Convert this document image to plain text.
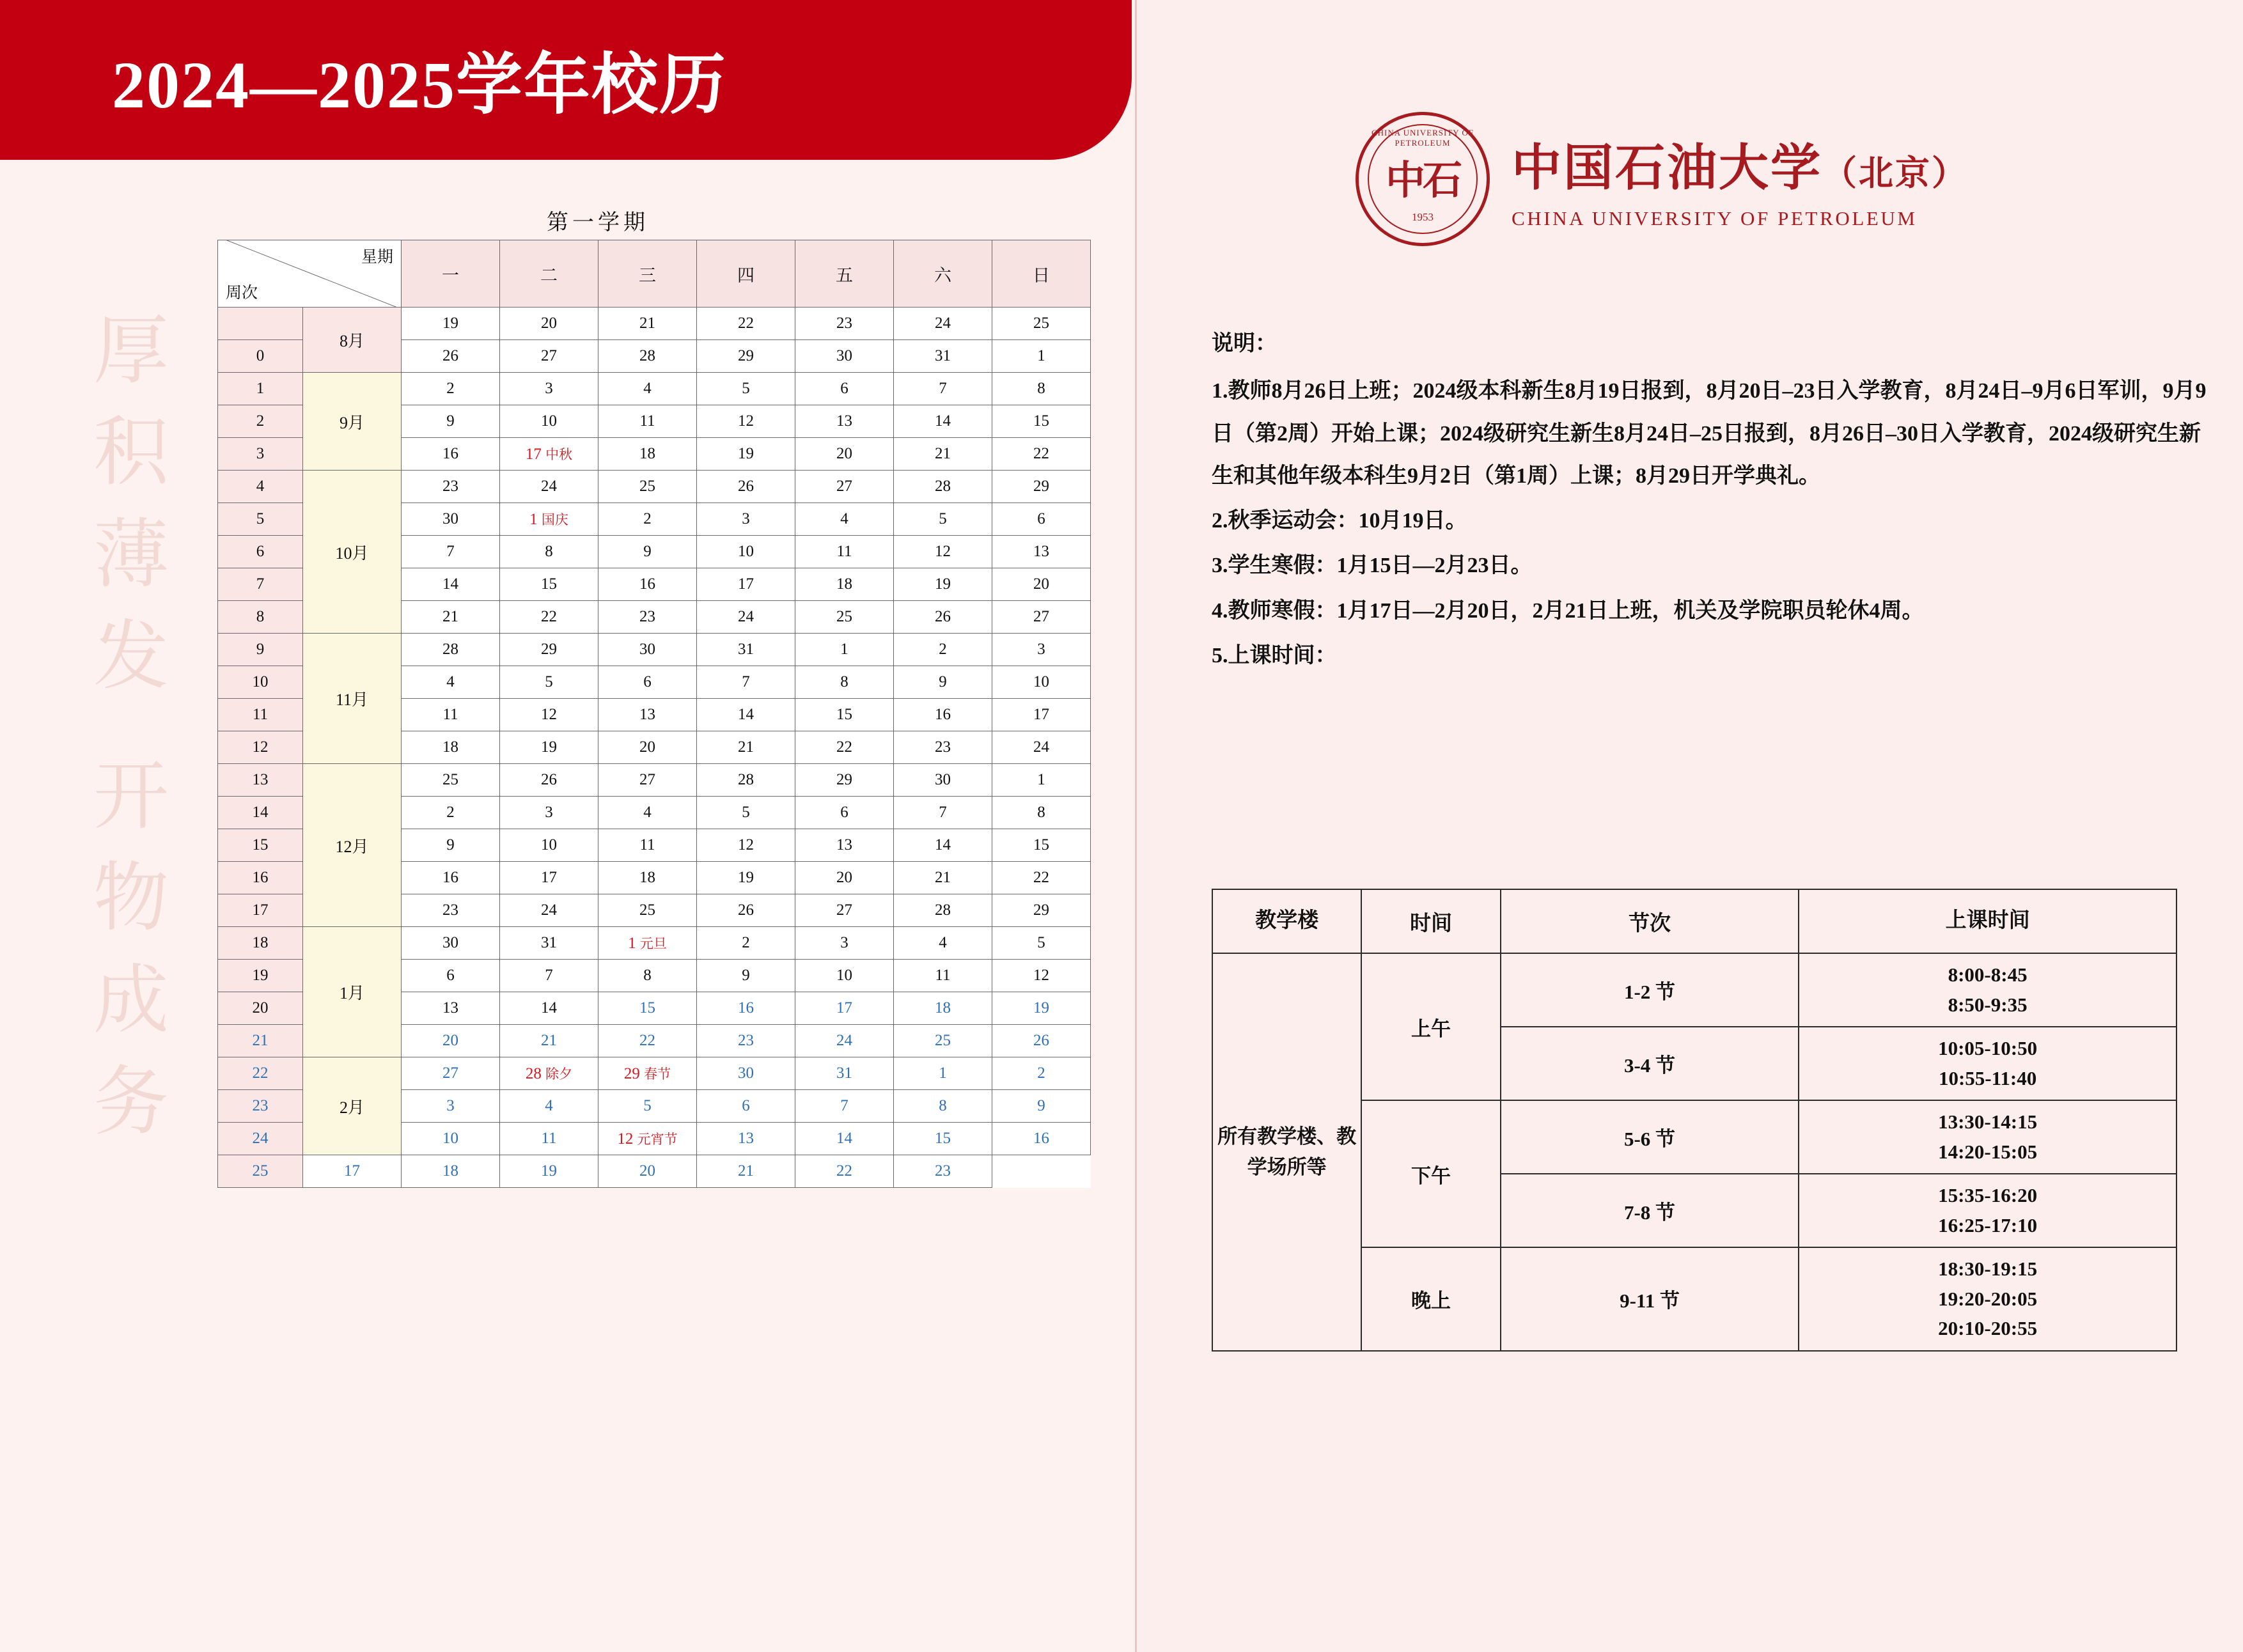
2024—2025学年校历
厚
积
薄
发
开
物
成
务
第一学期
星期
周次		一	二	三	四	五	六	日
	8月	19	20	21	22	23	24	25
0		26	27	28	29	30	31	1
1	9月	2	3	4	5	6	7	8
2		9	10	11	12	13	14	15
3		16	17 中秋	18	19	20	21	22
4	10月	23	24	25	26	27	28	29
5		30	1 国庆	2	3	4	5	6
6		7	8	9	10	11	12	13
7		14	15	16	17	18	19	20
8		21	22	23	24	25	26	27
9	11月	28	29	30	31	1	2	3
10		4	5	6	7	8	9	10
11		11	12	13	14	15	16	17
12		18	19	20	21	22	23	24
13	12月	25	26	27	28	29	30	1
14		2	3	4	5	6	7	8
15		9	10	11	12	13	14	15
16		16	17	18	19	20	21	22
17		23	24	25	26	27	28	29
18	1月	30	31	1 元旦	2	3	4	5
19		6	7	8	9	10	11	12
20		13	14	15	16	17	18	19
21		20	21	22	23	24	25	26
22	2月	27	28 除夕	29 春节	30	31	1	2
23		3	4	5	6	7	8	9
24		10	11	12 元宵节	13	14	15	16
25	17	18	19	20	21	22	23	
CHINA UNIVERSITY OF PETROLEUM
中石
1953
中国石油大学（北京）
CHINA UNIVERSITY OF PETROLEUM

说明：

1.教师8月26日上班；2024级本科新生8月19日报到，8月20日–23日入学教育，8月24日–9月6日军训，9月9日（第2周）开始上课；2024级研究生新生8月24日–25日报到，8月26日–30日入学教育，2024级研究生新生和其他年级本科生9月2日（第1周）上课；8月29日开学典礼。

2.秋季运动会：10月19日。

3.学生寒假：1月15日––2月23日。

4.教师寒假：1月17日––2月20日，2月21日上班，机关及学院职员轮休4周。

5.上课时间：

教学楼	时间	节次	上课时间
所有教学楼、教学场所等	上午	1-2 节	8:00-8:45
8:50-9:35

		3-4 节	10:05-10:50
10:55-11:40

	下午	5-6 节	13:30-14:15
14:20-15:05

		7-8 节	15:35-16:20
16:25-17:10

	晚上	9-11 节	18:30-19:15
19:20-20:05
20:10-20:55
